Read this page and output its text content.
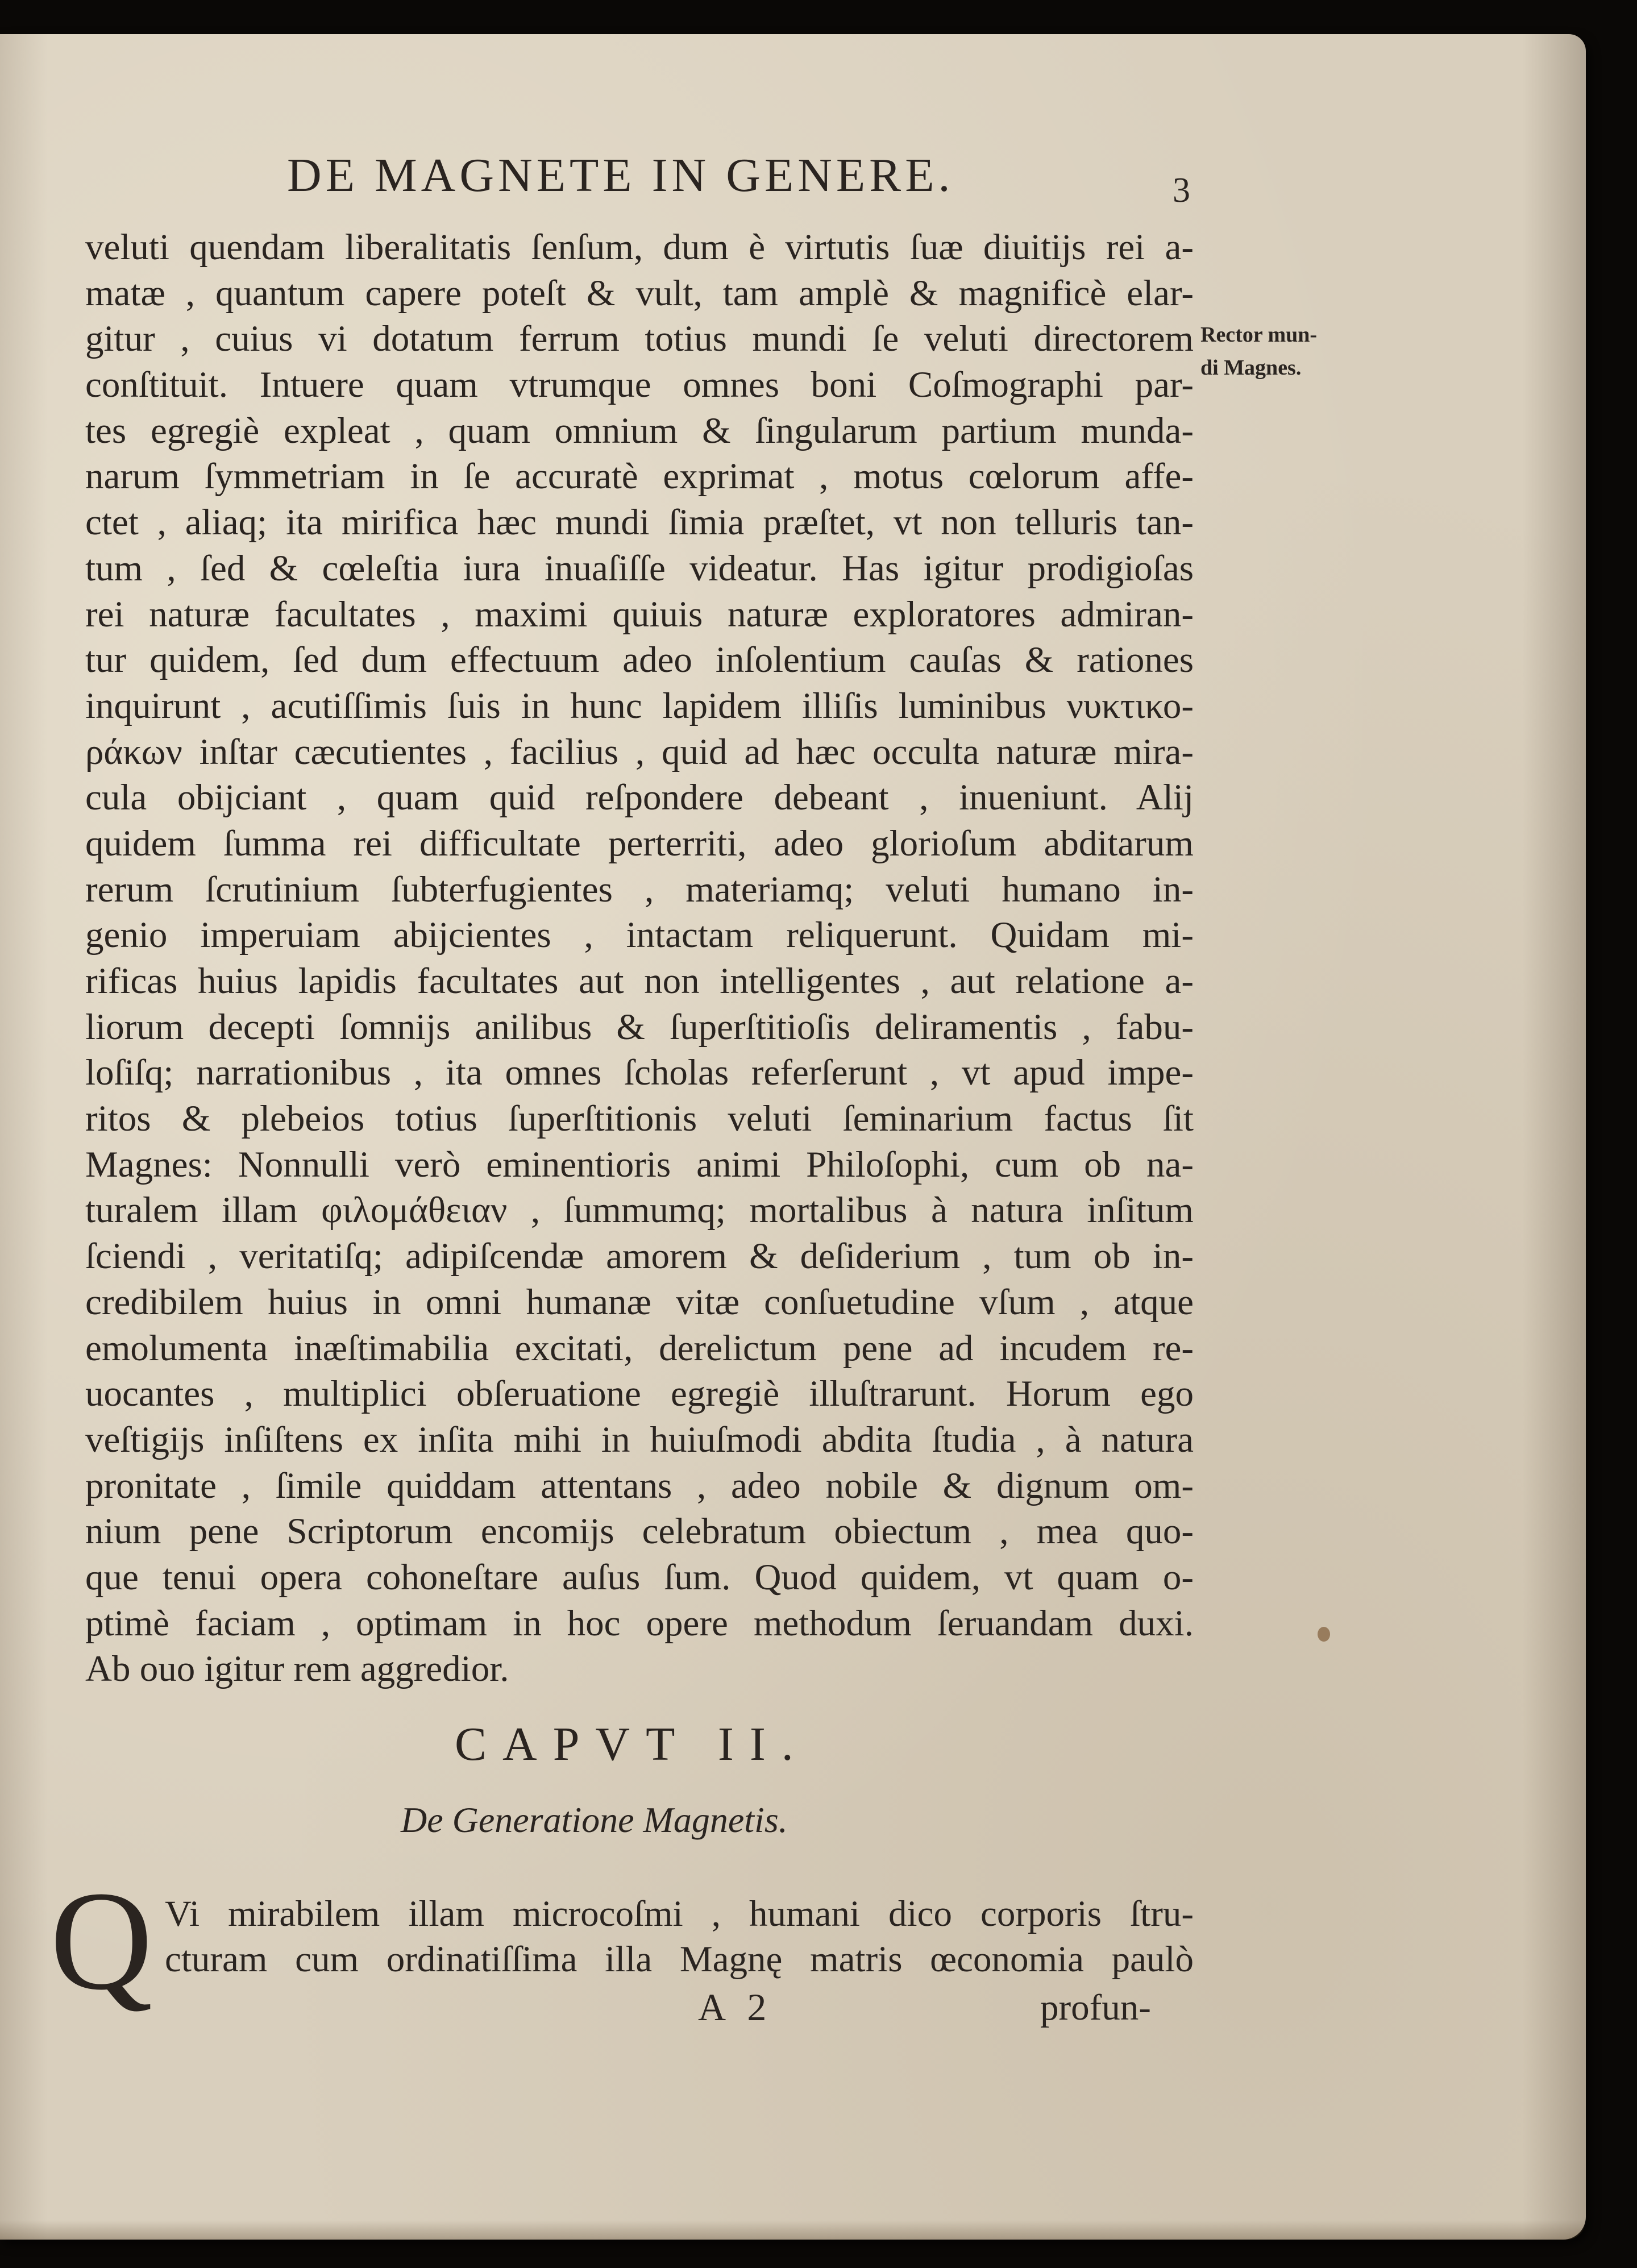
DE MAGNETE IN GENERE.	3
veluti quendam liberalitatis ſenſum, dum è virtutis ſuæ diuitijs rei a-
matæ , quantum capere poteſt & vult, tam amplè & magnificè elar-
gitur , cuius vi dotatum ferrum totius mundi ſe veluti directorem
conſtituit. Intuere quam vtrumque omnes boni Coſmographi par-
tes egregiè expleat , quam omnium & ſingularum partium munda-
narum ſymmetriam in ſe accuratè exprimat , motus cœlorum affe-
ctet , aliaq; ita mirifica hæc mundi ſimia præſtet, vt non telluris tan-
tum , ſed & cœleſtia iura inuaſiſſe videatur. Has igitur prodigioſas
rei naturæ facultates , maximi quiuis naturæ exploratores admiran-
tur quidem, ſed dum effectuum adeo inſolentium cauſas & rationes
inquirunt , acutiſſimis ſuis in hunc lapidem illiſis luminibus νυκτικο-
ράκων inſtar cæcutientes , facilius , quid ad hæc occulta naturæ mira-
cula obijciant , quam quid reſpondere debeant , inueniunt. Alij
quidem ſumma rei difficultate perterriti, adeo glorioſum abditarum
rerum ſcrutinium ſubterfugientes , materiamq; veluti humano in-
genio imperuiam abijcientes , intactam reliquerunt. Quidam mi-
rificas huius lapidis facultates aut non intelligentes , aut relatione a-
liorum decepti ſomnijs anilibus & ſuperſtitioſis deliramentis , fabu-
loſiſq; narrationibus , ita omnes ſcholas referſerunt , vt apud impe-
ritos & plebeios totius ſuperſtitionis veluti ſeminarium factus ſit
Magnes: Nonnulli verò eminentioris animi Philoſophi, cum ob na-
turalem illam φιλομάθειαν , ſummumq; mortalibus à natura inſitum
ſciendi , veritatiſq; adipiſcendæ amorem & deſiderium , tum ob in-
credibilem huius in omni humanæ vitæ conſuetudine vſum , atque
emolumenta inæſtimabilia excitati, derelictum pene ad incudem re-
uocantes , multiplici obſeruatione egregiè illuſtrarunt. Horum ego
veſtigijs inſiſtens ex inſita mihi in huiuſmodi abdita ſtudia , à natura
pronitate , ſimile quiddam attentans , adeo nobile & dignum om-
nium pene Scriptorum encomijs celebratum obiectum , mea quo-
que tenui opera cohoneſtare auſus ſum. Quod quidem, vt quam o-
ptimè faciam , optimam in hoc opere methodum ſeruandam duxi.
Ab ouo igitur rem aggredior.
Rector mun-
di Magnes.
CAPVT II.
De Generatione Magnetis.
Q Vi mirabilem illam microcoſmi , humani dico corporis ſtru-
cturam cum ordinatiſſima illa Magnę matris œconomia paulò
A 2	profun-
